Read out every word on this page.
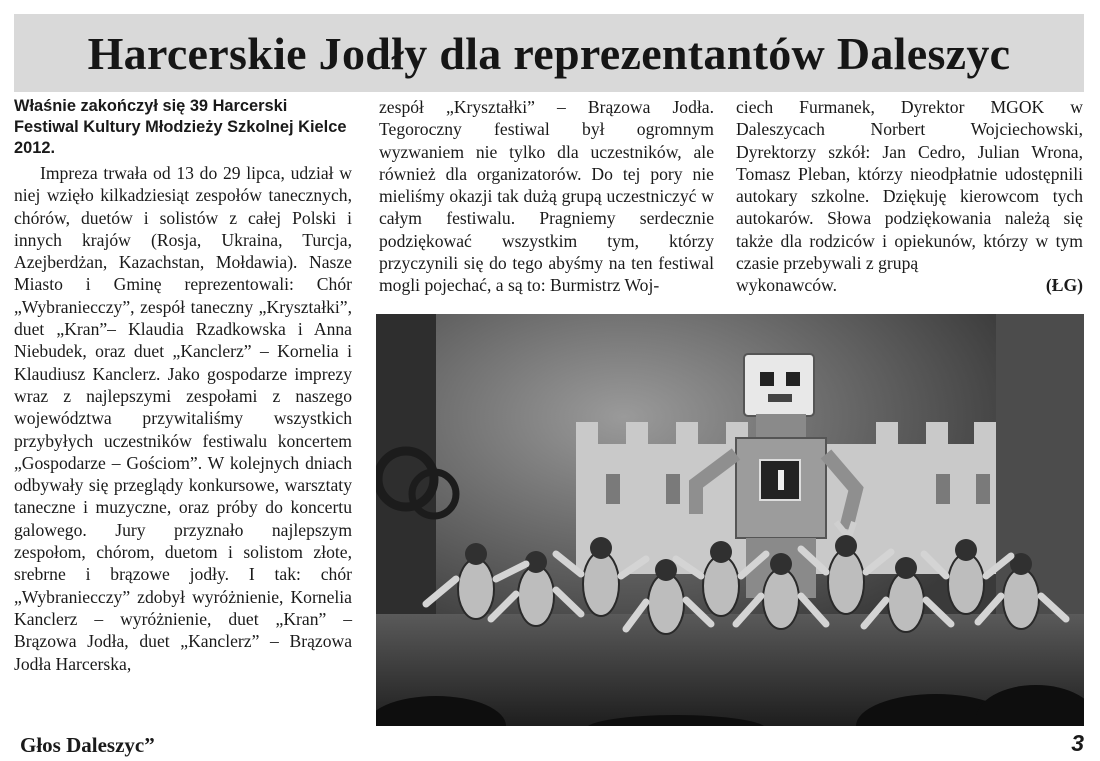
Harcerskie Jodły dla reprezentantów Daleszyc

Właśnie zakończył się 39 Harcerski Festiwal Kultury Młodzieży Szkolnej Kielce 2012.

Impreza trwała od 13 do 29 lipca, udział w niej wzięło kilkadziesiąt zespołów tanecznych, chórów, duetów i solistów z całej Polski i innych krajów (Rosja, Ukraina, Turcja, Azejberdżan, Kazachstan, Mołdawia). Nasze Miasto i Gminę reprezentowali: Chór „Wybraniecczy”, zespół taneczny „Kryształki”, duet „Kran”– Klaudia Rzadkowska i Anna Niebudek, oraz duet „Kanclerz” – Kornelia i Klaudiusz Kanclerz. Jako gospodarze imprezy wraz z najlepszymi zespołami z naszego województwa przywitaliśmy wszystkich przybyłych uczestników festiwalu koncertem „Gospodarze – Gościom”. W kolejnych dniach odbywały się przeglądy konkursowe, warsztaty taneczne i muzyczne, oraz próby do koncertu galowego. Jury przyznało najlepszym zespołom, chórom, duetom i solistom złote, srebrne i brązowe jodły. I tak: chór „Wybraniecczy” zdobył wyróżnienie, Kornelia Kanclerz – wyróżnienie, duet „Kran” – Brązowa Jodła, duet „Kanclerz” – Brązowa Jodła Harcerska,

zespół „Kryształki” – Brązowa Jodła. Tegoroczny festiwal był ogromnym wyzwaniem nie tylko dla uczestników, ale również dla organizatorów. Do tej pory nie mieliśmy okazji tak dużą grupą uczestniczyć w całym festiwalu. Pragniemy serdecznie podziękować wszystkim tym, którzy przyczynili się do tego abyśmy na ten festiwal mogli pojechać, a są to: Burmistrz Woj-

ciech Furmanek, Dyrektor MGOK w Daleszycach Norbert Wojciechowski, Dyrektorzy szkół: Jan Cedro, Julian Wrona, Tomasz Pleban, którzy nieodpłatnie udostępnili autokary szkolne. Dziękuję kierowcom tych autokarów. Słowa podziękowania należą się także dla rodziców i opiekunów, którzy w tym czasie przebywali z grupą

wykonawców.	(ŁG)
Głos Daleszyc”	3
